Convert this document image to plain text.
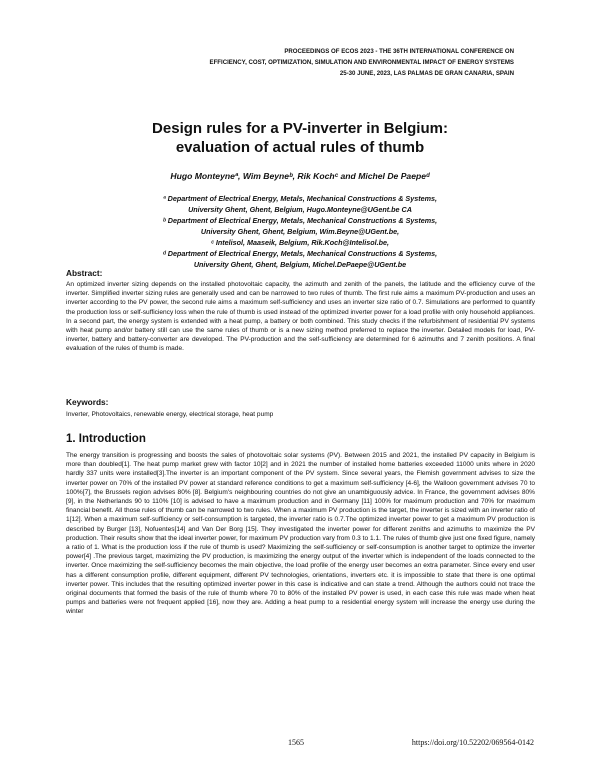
PROCEEDINGS OF ECOS 2023 - THE 36TH INTERNATIONAL CONFERENCE ON
EFFICIENCY, COST, OPTIMIZATION, SIMULATION AND ENVIRONMENTAL IMPACT OF ENERGY SYSTEMS
25-30 JUNE, 2023, LAS PALMAS DE GRAN CANARIA, SPAIN
Design rules for a PV-inverter in Belgium:
evaluation of actual rules of thumb
Hugo Monteyneª, Wim Beyneᵇ, Rik Kochᶜ and Michel De Paepeᵈ
ª Department of Electrical Energy, Metals, Mechanical Constructions & Systems, University Ghent, Ghent, Belgium, Hugo.Monteyne@UGent.be CA
ᵇ Department of Electrical Energy, Metals, Mechanical Constructions & Systems, University Ghent, Ghent, Belgium, Wim.Beyne@UGent.be,
ᶜ Intelisol, Maaseik, Belgium, Rik.Koch@Intelisol.be,
ᵈ Department of Electrical Energy, Metals, Mechanical Constructions & Systems, University Ghent, Ghent, Belgium, Michel.DePaepe@UGent.be
Abstract:
An optimized inverter sizing depends on the installed photovoltaic capacity, the azimuth and zenith of the panels, the latitude and the efficiency curve of the inverter. Simplified inverter sizing rules are generally used and can be narrowed to two rules of thumb. The first rule aims a maximum PV-production and uses an inverter according to the PV power, the second rule aims a maximum self-sufficiency and uses an inverter size ratio of 0.7. Simulations are performed to quantify the production loss or self-sufficiency loss when the rule of thumb is used instead of the optimized inverter power for a load profile with only household appliances. In a second part, the energy system is extended with a heat pump, a battery or both combined. This study checks if the refurbishment of residential PV systems with heat pump and/or battery still can use the same rules of thumb or is a new sizing method preferred to replace the inverter. Detailed models for load, PV-inverter, battery and battery-converter are developed. The PV-production and the self-sufficiency are determined for 6 azimuths and 7 zenith positions. A final evaluation of the rules of thumb is made.
Keywords:
Inverter, Photovoltaics, renewable energy, electrical storage, heat pump
1. Introduction
The energy transition is progressing and boosts the sales of photovoltaic solar systems (PV). Between 2015 and 2021, the installed PV capacity in Belgium is more than doubled[1]. The heat pump market grew with factor 10[2] and in 2021 the number of installed home batteries exceeded 11000 units where in 2020 hardly 337 units were installed[3].The inverter is an important component of the PV system. Since several years, the Flemish government advises to size the inverter power on 70% of the installed PV power at standard reference conditions to get a maximum self-sufficiency [4-6], the Walloon government advises 70 to 100%[7], the Brussels region advises 80% [8]. Belgium's neighbouring countries do not give an unambiguously advice. In France, the government advises 80% [9], in the Netherlands 90 to 110% [10] is advised to have a maximum production and in Germany [11] 100% for maximum production and 70% for maximum financial benefit. All those rules of thumb can be narrowed to two rules. When a maximum PV production is the target, the inverter is sized with an inverter ratio of 1[12]. When a maximum self-sufficiency or self-consumption is targeted, the inverter ratio is 0.7.The optimized inverter power to get a maximum PV production is described by Burger [13], Nofuentes[14] and Van Der Borg [15]. They investigated the inverter power for different zeniths and azimuths to maximize the PV production. Their results show that the ideal inverter power, for maximum PV production vary from 0.3 to 1.1. The rules of thumb give just one fixed figure, namely a ratio of 1. What is the production loss if the rule of thumb is used? Maximizing the self-sufficiency or self-consumption is another target to optimize the inverter power[4] .The previous target, maximizing the PV production, is maximizing the energy output of the inverter which is independent of the loads connected to the inverter. Once maximizing the self-sufficiency becomes the main objective, the load profile of the energy user becomes an extra parameter. Since every end user has a different consumption profile, different equipment, different PV technologies, orientations, inverters etc. it is impossible to state that there is one optimal inverter power. This includes that the resulting optimized inverter power in this case is indicative and can state a trend. Although the authors could not trace the original documents that formed the basis of the rule of thumb where 70 to 80% of the installed PV power is used, in each case this rule was made when heat pumps and batteries were not frequent applied [16], now they are. Adding a heat pump to a residential energy system will increase the energy use during the winter
1565	https://doi.org/10.52202/069564-0142
